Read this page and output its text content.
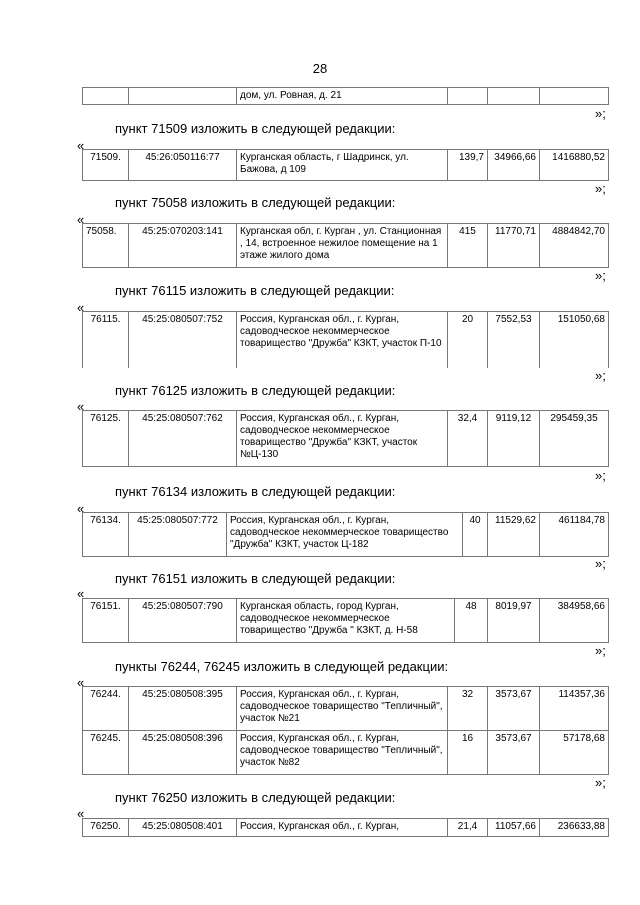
28
		дом, ул. Ровная, д. 21			
»;
пункт 71509 изложить в следующей редакции:
«
71509.	45:26:050116:77	Курганская область, г Шадринск, ул. Бажова, д 109	139,7	34966,66	1416880,52
»;
пункт 75058 изложить в следующей редакции:
«
75058.	45:25:070203:141	Курганская обл, г. Курган , ул. Станционная , 14, встроенное нежилое помещение на 1 этаже жилого дома	415	11770,71	4884842,70
»;
пункт 76115 изложить в следующей редакции:
«
76115.	45:25:080507:752	Россия, Курганская обл., г. Курган, садоводческое некоммерческое товарищество "Дружба" КЗКТ, участок П-10	20	7552,53	151050,68
»;
пункт 76125 изложить в следующей редакции:
«
76125.	45:25:080507:762	Россия, Курганская обл., г. Курган, садоводческое некоммерческое товарищество "Дружба" КЗКТ, участок №Ц-130	32,4	9119,12	295459,35
»;
пункт 76134 изложить в следующей редакции:
«
76134.	45:25:080507:772	Россия, Курганская обл., г. Курган, садоводческое некоммерческое товарищество "Дружба" КЗКТ, участок Ц-182	40	11529,62	461184,78
»;
пункт 76151 изложить в следующей редакции:
«
76151.	45:25:080507:790	Курганская область, город Курган, садоводческое некоммерческое товарищество "Дружба " КЗКТ, д. Н-58	48	8019,97	384958,66
»;
пункты 76244, 76245 изложить в следующей редакции:
«
76244.	45:25:080508:395	Россия, Курганская обл., г. Курган, садоводческое товарищество "Тепличный", участок №21	32	3573,67	114357,36
76245.	45:25:080508:396	Россия, Курганская обл., г. Курган, садоводческое товарищество "Тепличный", участок №82	16	3573,67	57178,68
»;
пункт 76250 изложить в следующей редакции:
«
76250.	45:25:080508:401	Россия, Курганская обл., г. Курган,	21,4	11057,66	236633,88
